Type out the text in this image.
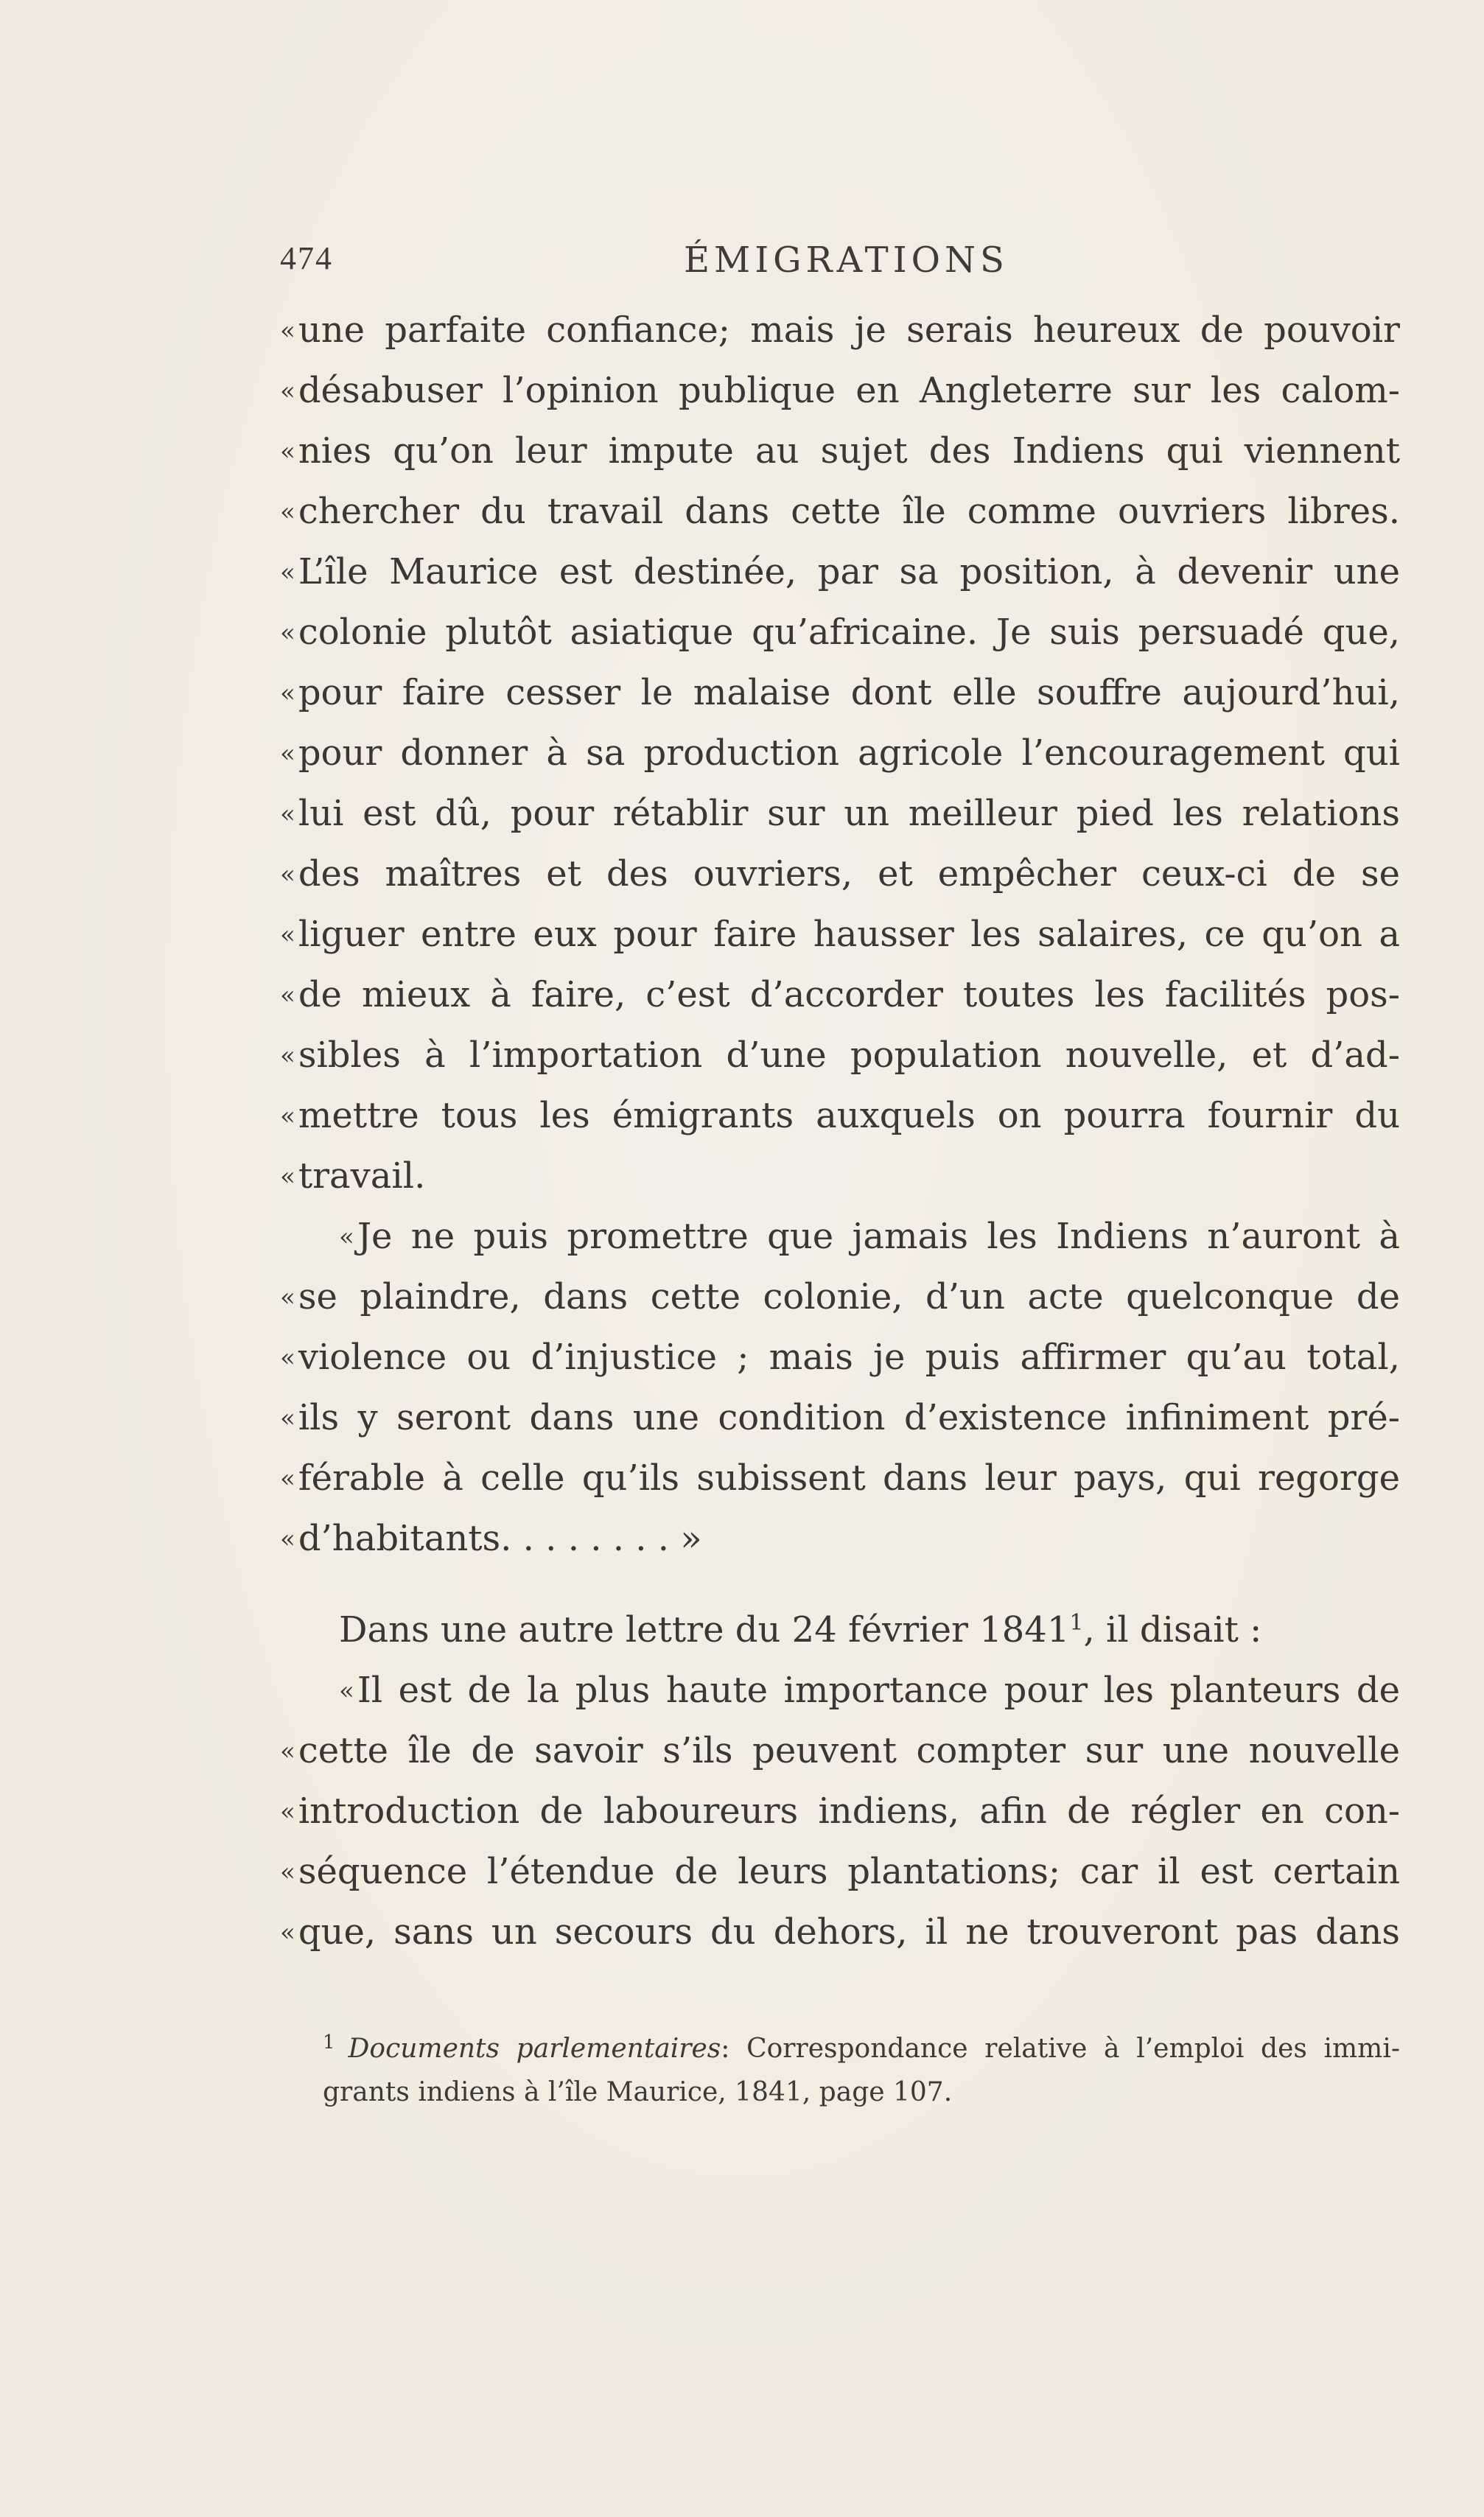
474	ÉMIGRATIONS
« une parfaite confiance; mais je serais heureux de pouvoir
« désabuser l’opinion publique en Angleterre sur les calom-
« nies qu’on leur impute au sujet des Indiens qui viennent
« chercher du travail dans cette île comme ouvriers libres.
« L’île Maurice est destinée, par sa position, à devenir une
« colonie plutôt asiatique qu’africaine. Je suis persuadé que,
« pour faire cesser le malaise dont elle souffre aujourd’hui,
« pour donner à sa production agricole l’encouragement qui
« lui est dû, pour rétablir sur un meilleur pied les relations
« des maîtres et des ouvriers, et empêcher ceux-ci de se
« liguer entre eux pour faire hausser les salaires, ce qu’on a
« de mieux à faire, c’est d’accorder toutes les facilités pos-
« sibles à l’importation d’une population nouvelle, et d’ad-
« mettre tous les émigrants auxquels on pourra fournir du
« travail.
« Je ne puis promettre que jamais les Indiens n’auront à
« se plaindre, dans cette colonie, d’un acte quelconque de
« violence ou d’injustice ; mais je puis affirmer qu’au total,
« ils y seront dans une condition d’existence infiniment pré-
« férable à celle qu’ils subissent dans leur pays, qui regorge
« d’habitants. . . . . . . . »
Dans une autre lettre du 24 février 1841$^1$, il disait :
« Il est de la plus haute importance pour les planteurs de
« cette île de savoir s’ils peuvent compter sur une nouvelle
« introduction de laboureurs indiens, afin de régler en con-
« séquence l’étendue de leurs plantations; car il est certain
« que, sans un secours du dehors, il ne trouveront pas dans
$^1$ Documents parlementaires: Correspondance relative à l’emploi des immi-
grants indiens à l’île Maurice, 1841, page 107.
